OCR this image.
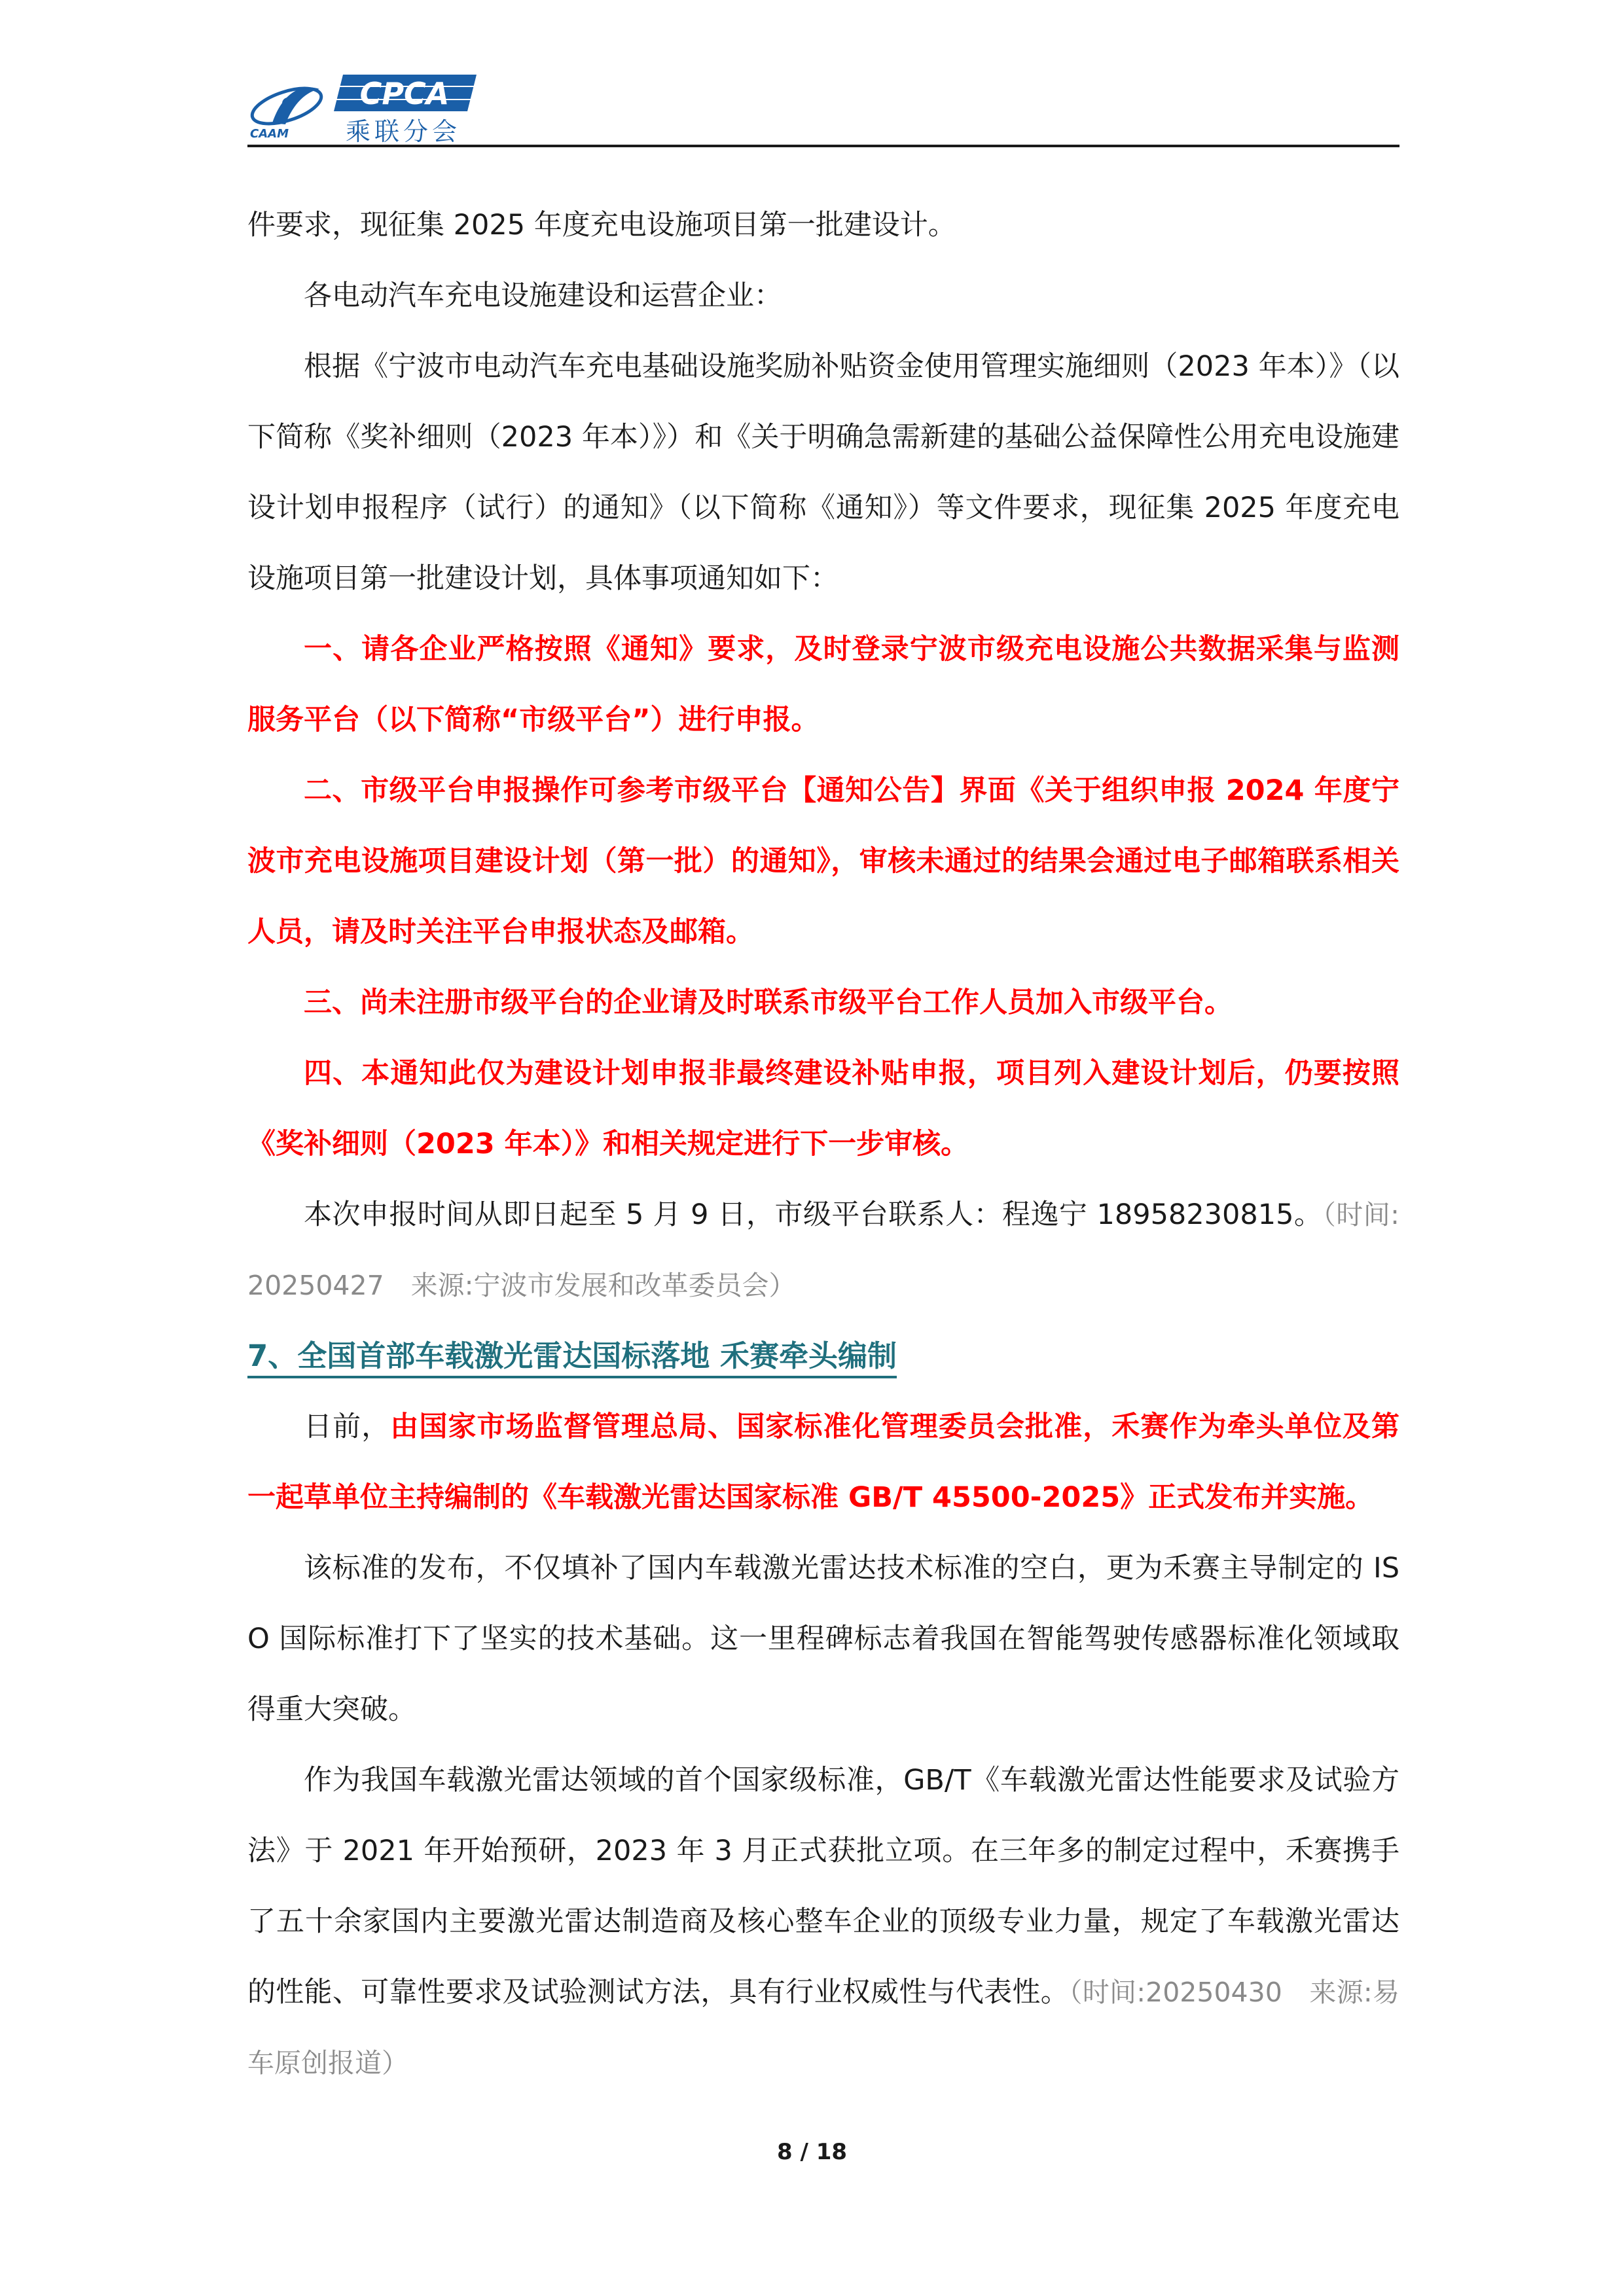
CAAM
CPCA
乘联分会

件要求，现征集 2025 年度充电设施项目第一批建设计。

各电动汽车充电设施建设和运营企业：

根据《宁波市电动汽车充电基础设施奖励补贴资金使用管理实施细则（2023 年本）》（以下简称《奖补细则（2023 年本）》）和《关于明确急需新建的基础公益保障性公用充电设施建设计划申报程序（试行）的通知》（以下简称《通知》）等文件要求，现征集 2025 年度充电设施项目第一批建设计划，具体事项通知如下：

一、请各企业严格按照《通知》要求，及时登录宁波市级充电设施公共数据采集与监测服务平台（以下简称“市级平台”）进行申报。

二、市级平台申报操作可参考市级平台【通知公告】界面《关于组织申报 2024 年度宁波市充电设施项目建设计划（第一批）的通知》，审核未通过的结果会通过电子邮箱联系相关人员，请及时关注平台申报状态及邮箱。

三、尚未注册市级平台的企业请及时联系市级平台工作人员加入市级平台。

四、本通知此仅为建设计划申报非最终建设补贴申报，项目列入建设计划后，仍要按照《奖补细则（2023 年本）》和相关规定进行下一步审核。

本次申报时间从即日起至 5 月 9 日，市级平台联系人：程逸宁 18958230815。（时间:20250427　来源:宁波市发展和改革委员会）

7、全国首部车载激光雷达国标落地 禾赛牵头编制

日前，由国家市场监督管理总局、国家标准化管理委员会批准，禾赛作为牵头单位及第一起草单位主持编制的《车载激光雷达国家标准 GB/T 45500-2025》正式发布并实施。

该标准的发布，不仅填补了国内车载激光雷达技术标准的空白，更为禾赛主导制定的 ISO 国际标准打下了坚实的技术基础。这一里程碑标志着我国在智能驾驶传感器标准化领域取得重大突破。

作为我国车载激光雷达领域的首个国家级标准，GB/T《车载激光雷达性能要求及试验方法》于 2021 年开始预研，2023 年 3 月正式获批立项。在三年多的制定过程中，禾赛携手了五十余家国内主要激光雷达制造商及核心整车企业的顶级专业力量，规定了车载激光雷达的性能、可靠性要求及试验测试方法，具有行业权威性与代表性。（时间:20250430　来源:易车原创报道）

8 / 18
